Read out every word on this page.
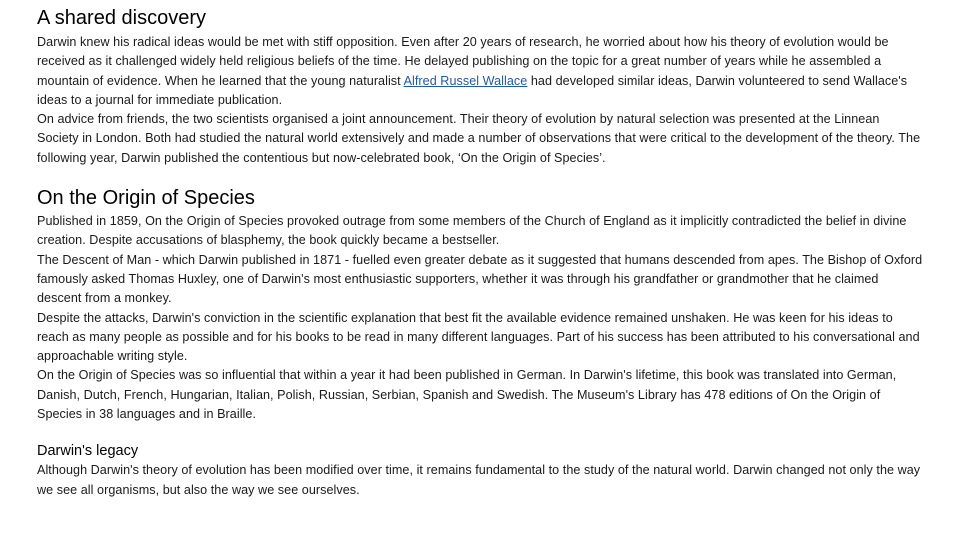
A shared discovery

Darwin knew his radical ideas would be met with stiff opposition. Even after 20 years of research, he worried about how his theory of evolution would be received as it challenged widely held religious beliefs of the time. He delayed publishing on the topic for a great number of years while he assembled a mountain of evidence. When he learned that the young naturalist Alfred Russel Wallace had developed similar ideas, Darwin volunteered to send Wallace's ideas to a journal for immediate publication.

On advice from friends, the two scientists organised a joint announcement. Their theory of evolution by natural selection was presented at the Linnean Society in London. Both had studied the natural world extensively and made a number of observations that were critical to the development of the theory. The following year, Darwin published the contentious but now-celebrated book, ‘On the Origin of Species’.

On the Origin of Species

Published in 1859, On the Origin of Species provoked outrage from some members of the Church of England as it implicitly contradicted the belief in divine creation. Despite accusations of blasphemy, the book quickly became a bestseller.

The Descent of Man - which Darwin published in 1871 - fuelled even greater debate as it suggested that humans descended from apes. The Bishop of Oxford famously asked Thomas Huxley, one of Darwin's most enthusiastic supporters, whether it was through his grandfather or grandmother that he claimed descent from a monkey.

Despite the attacks, Darwin's conviction in the scientific explanation that best fit the available evidence remained unshaken. He was keen for his ideas to reach as many people as possible and for his books to be read in many different languages. Part of his success has been attributed to his conversational and approachable writing style.

On the Origin of Species was so influential that within a year it had been published in German. In Darwin's lifetime, this book was translated into German, Danish, Dutch, French, Hungarian, Italian, Polish, Russian, Serbian, Spanish and Swedish. The Museum's Library has 478 editions of On the Origin of Species in 38 languages and in Braille.

Darwin's legacy

Although Darwin's theory of evolution has been modified over time, it remains fundamental to the study of the natural world. Darwin changed not only the way we see all organisms, but also the way we see ourselves.
